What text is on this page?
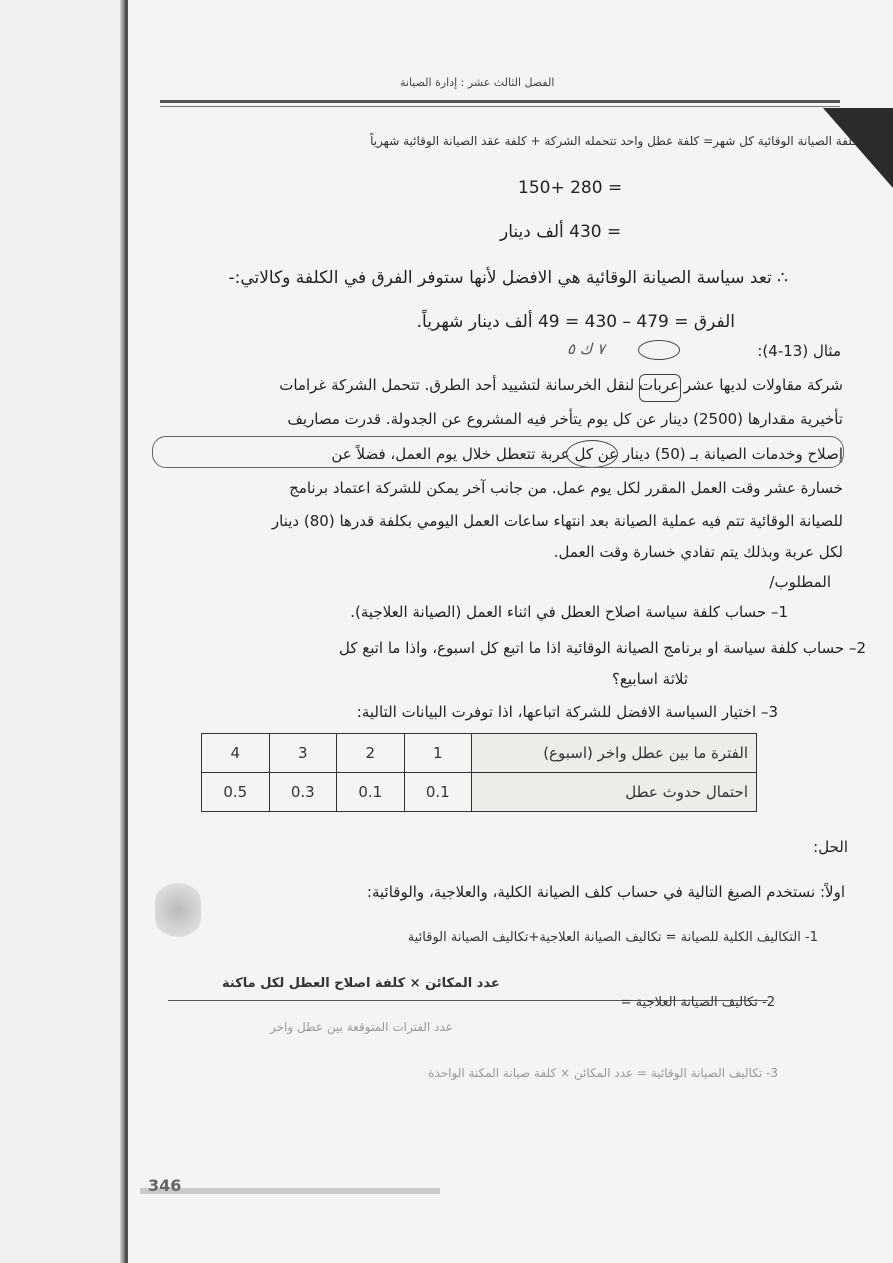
الفصل الثالث عشر : إدارة الصيانة
كلفة الصيانة الوقائية كل شهر= كلفة عطل واحد تتحمله الشركة + كلفة عقد الصيانة الوقائية شهرياً
150+ 280 =
= 430 ألف دينار
∴ تعد سياسة الصيانة الوقائية هي الافضل لأنها ستوفر الفرق في الكلفة وكالاتي:-
الفرق = 479 – 430 = 49 ألف دينار شهرياً.
٧ ك ٥	مثال (13-4):
شركة مقاولات لديها عشر عربات لنقل الخرسانة لتشييد أحد الطرق. تتحمل الشركة غرامات
تأخيرية مقدارها (2500) دينار عن كل يوم يتأخر فيه المشروع عن الجدولة. قدرت مصاريف
إصلاح وخدمات الصيانة بـ (50) دينار عن كل عربة تتعطل خلال يوم العمل، فضلاً عن
خسارة عشر وقت العمل المقرر لكل يوم عمل. من جانب آخر يمكن للشركة اعتماد برنامج
للصيانة الوقائية تتم فيه عملية الصيانة بعد انتهاء ساعات العمل اليومي بكلفة قدرها (80) دينار
لكل عربة وبذلك يتم تفادي خسارة وقت العمل.
المطلوب/
1– حساب كلفة سياسة اصلاح العطل في اثناء العمل (الصيانة العلاجية).
2– حساب كلفة سياسة او برنامج الصيانة الوقائية اذا ما اتبع كل اسبوع، واذا ما اتبع كل
ثلاثة اسابيع؟
3– اختيار السياسة الافضل للشركة اتباعها، اذا توفرت البيانات التالية:
الفترة ما بين عطل واخر (اسبوع)	1	2	3	4
احتمال حدوث عطل	0.1	0.1	0.3	0.5
الحل:
اولاً: نستخدم الصيغ التالية في حساب كلف الصيانة الكلية، والعلاجية، والوقائية:
1- التكاليف الكلية للصيانة = تكاليف الصيانة العلاجية+تكاليف الصيانة الوقائية
عدد المكائن × كلفة اصلاح العطل لكل ماكنة
2- تكاليف الصيانة العلاجية =
عدد الفترات المتوقعة بين عطل واخر
3- تكاليف الصيانة الوقائية = عدد المكائن × كلفة صيانة المكنة الواحدة
346
